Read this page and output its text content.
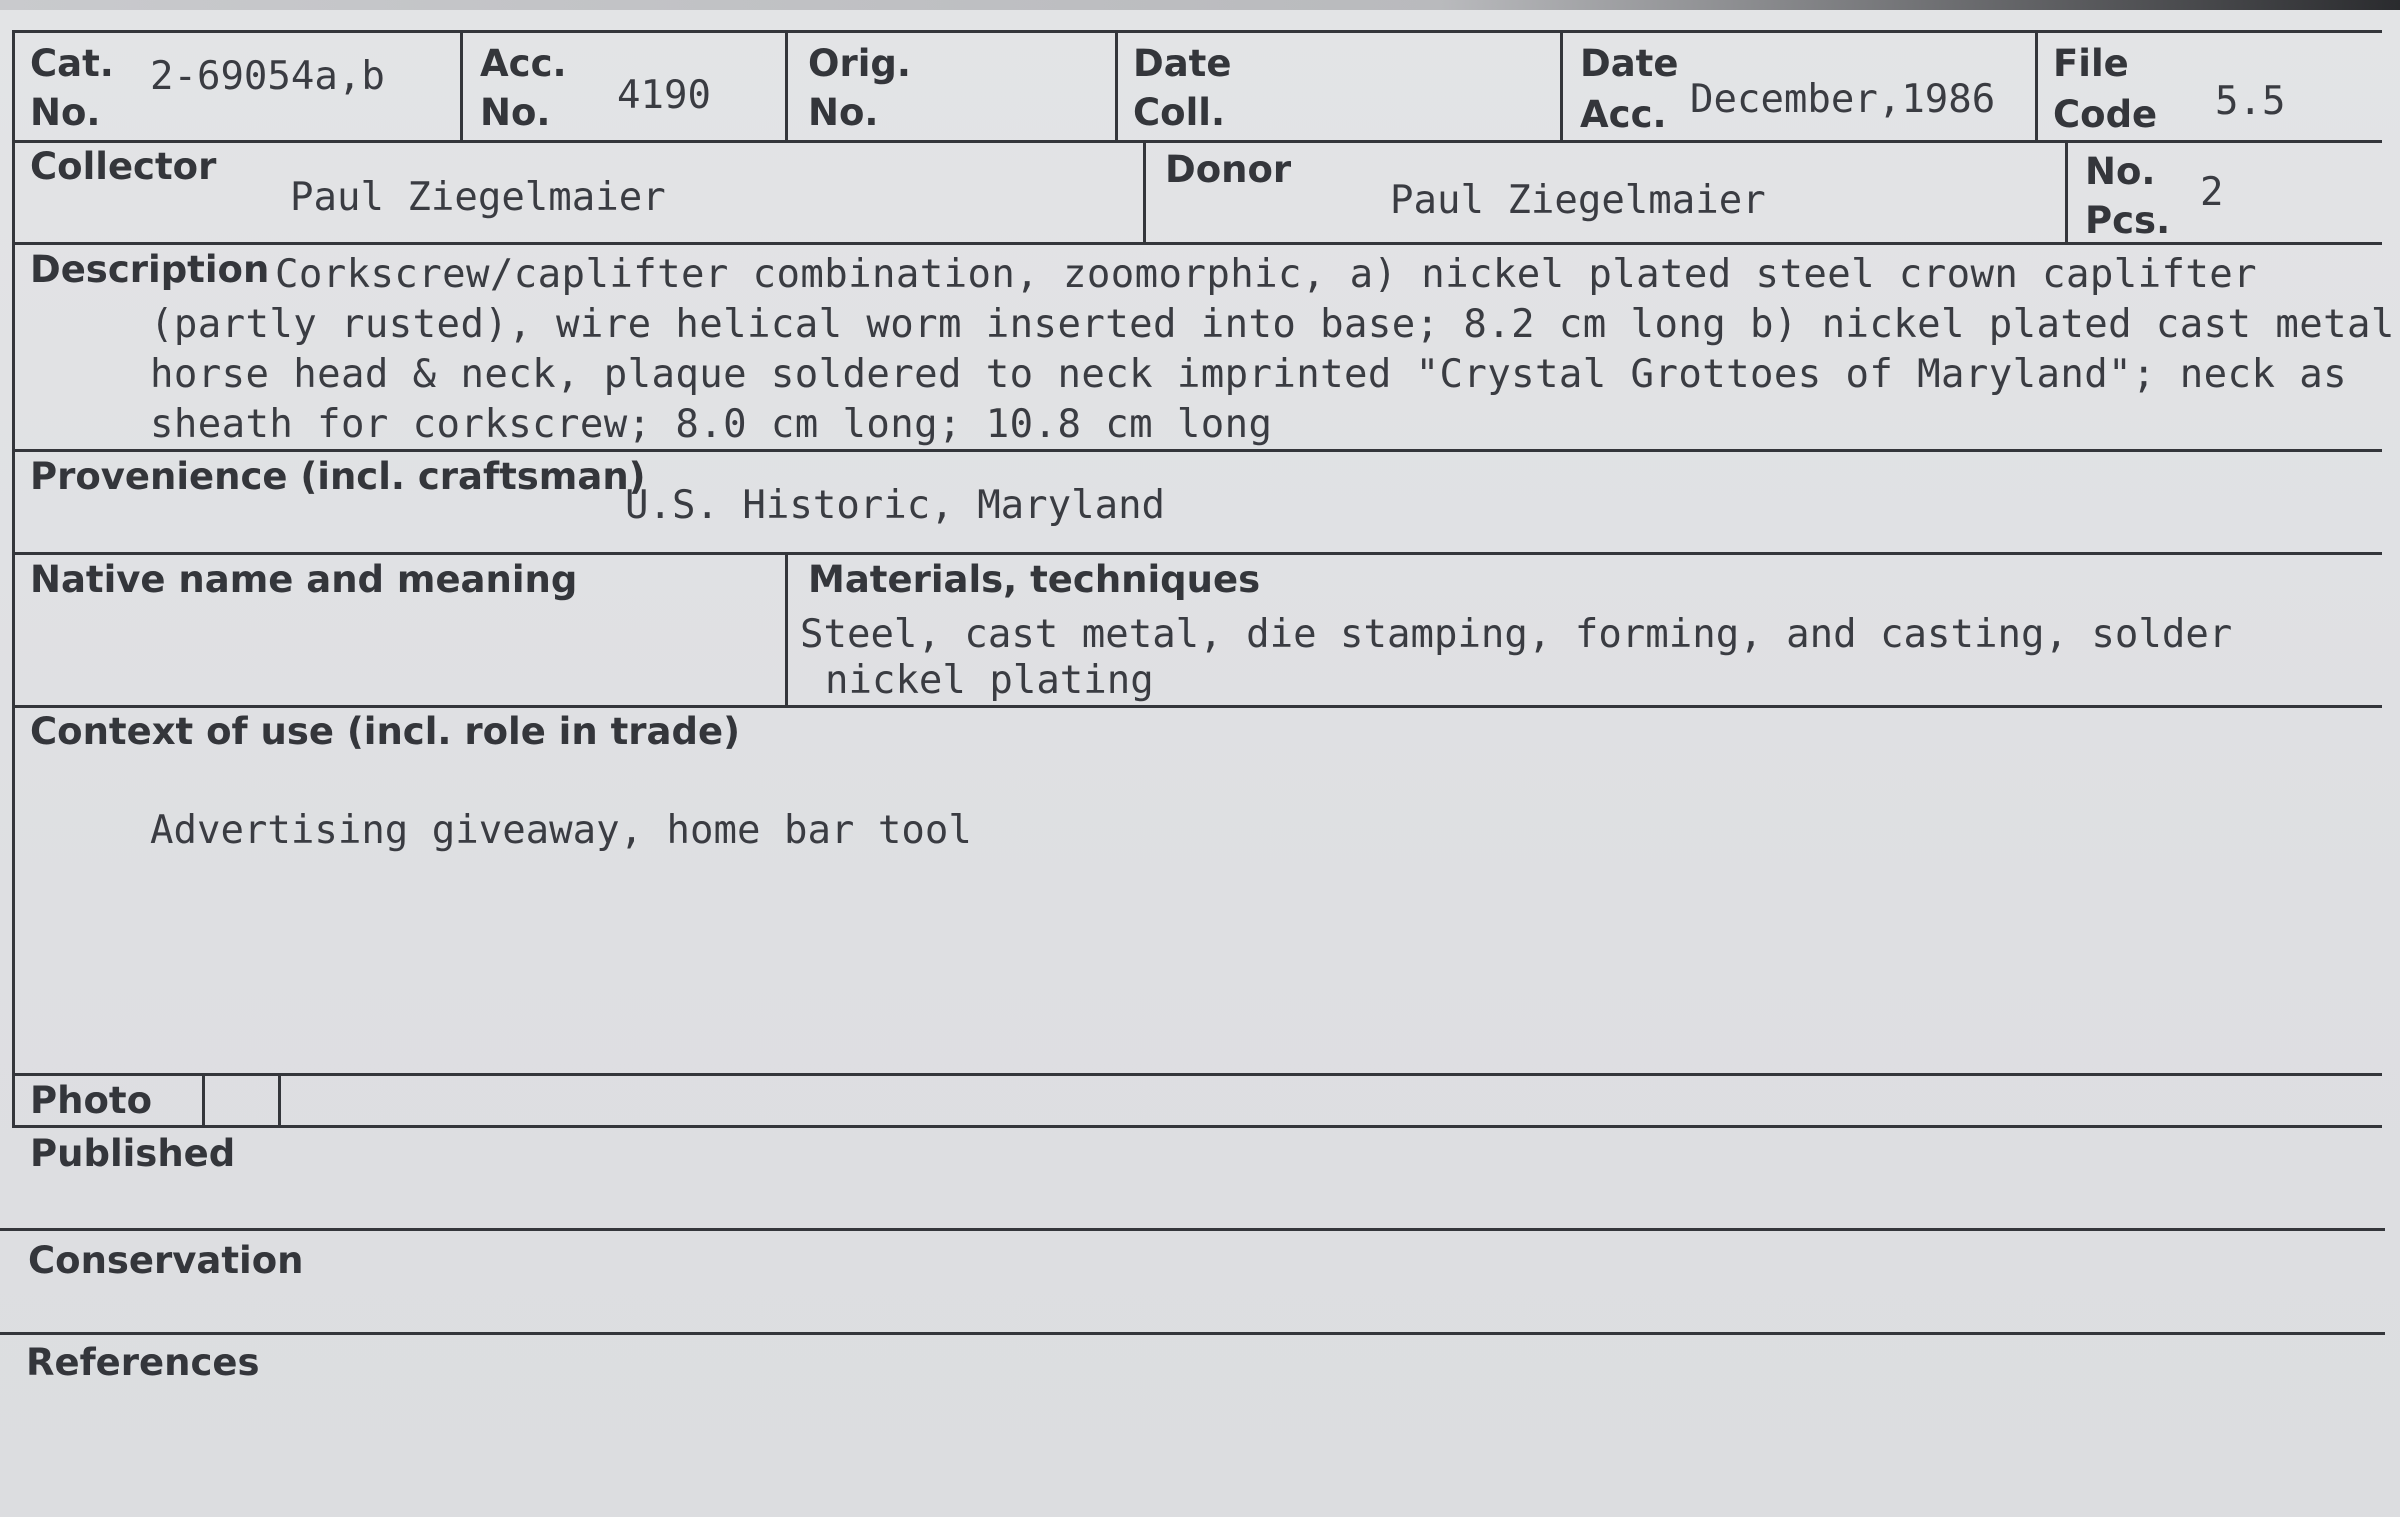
Cat.
No.
2-69054a,b	Acc.
No. 4190
Orig.
No.
Date
Coll.
Date
Acc. December,1986
File
Code 5.5
Collector
Paul Ziegelmaier
Donor
Paul Ziegelmaier
No.
Pcs.
2
Description Corkscrew/caplifter combination, zoomorphic, a) nickel plated steel crown caplifter (partly rusted), wire helical worm inserted into base; 8.2 cm long b) nickel plated cast metal horse head & neck, plaque soldered to neck imprinted "Crystal Grottoes of Maryland"; neck as sheath for corkscrew; 8.0 cm long; 10.8 cm long
Provenience (incl. craftsman)
U.S. Historic, Maryland
Native name and meaning	Materials, techniques
Steel, cast metal, die stamping, forming, and casting, solder
nickel plating
Context of use (incl. role in trade)
Advertising giveaway, home bar tool
Photo
Published
Conservation
References
